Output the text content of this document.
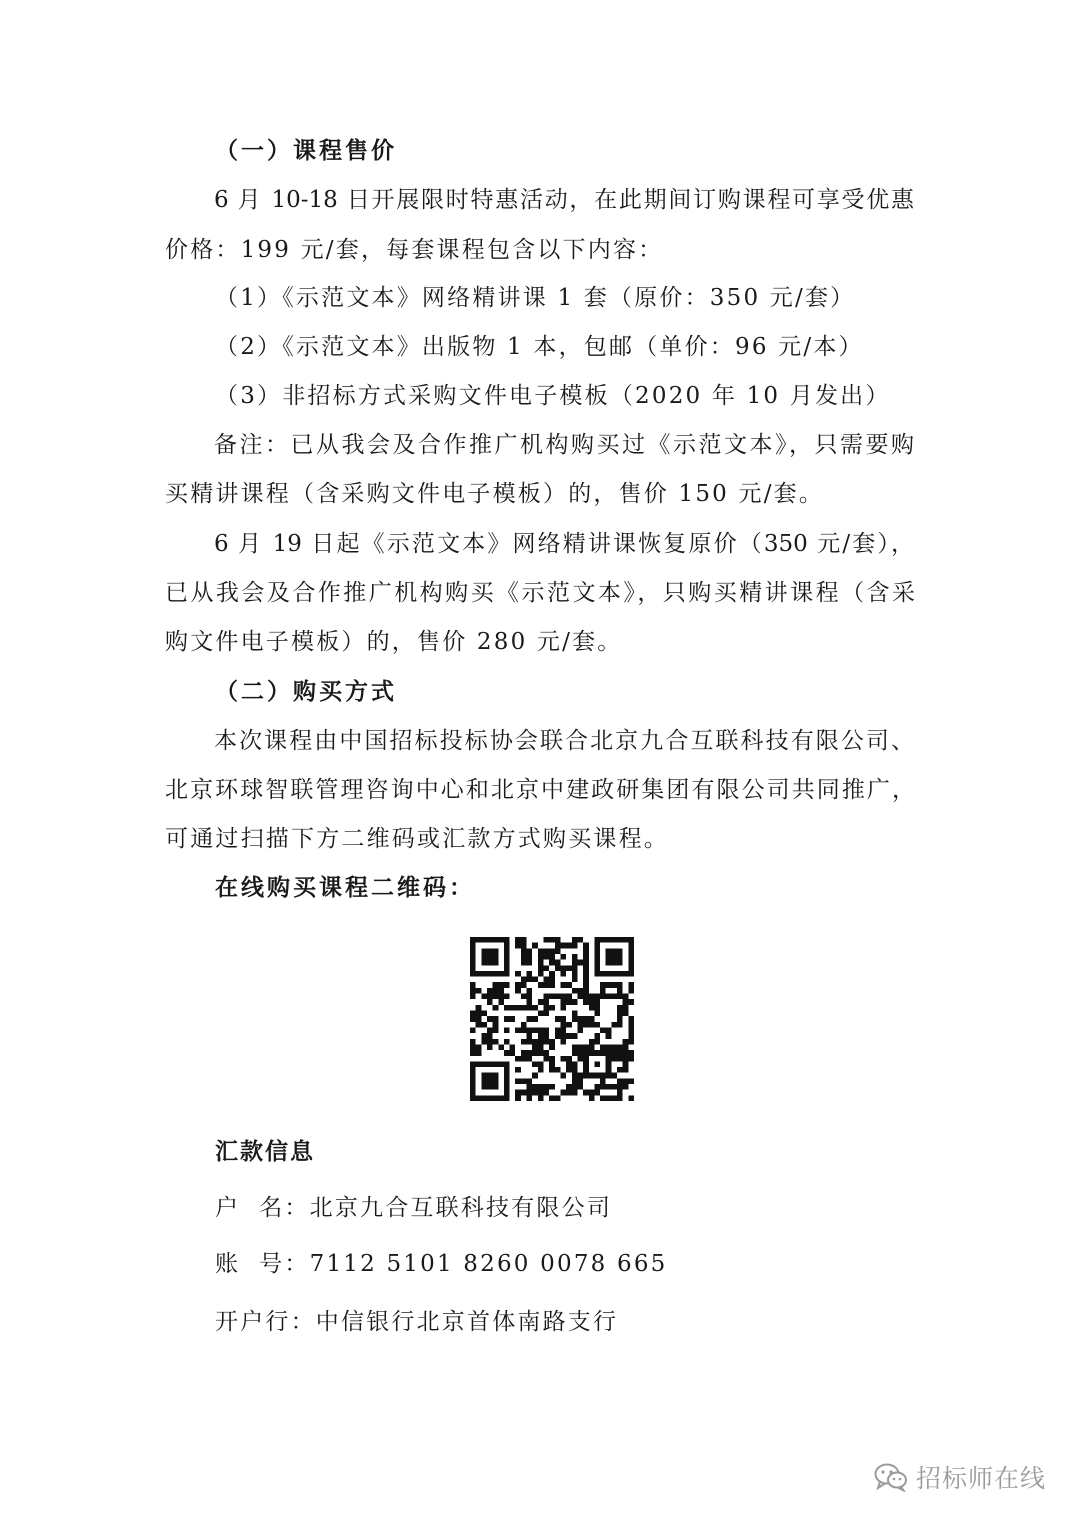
（一）课程售价
6 月 10-18 日开展限时特惠活动，在此期间订购课程可享受优惠
价格：199 元/套，每套课程包含以下内容：
（1）《示范文本》网络精讲课 1 套（原价：350 元/套）
（2）《示范文本》出版物 1 本，包邮（单价：96 元/本）
（3）非招标方式采购文件电子模板（2020 年 10 月发出）
备注：已从我会及合作推广机构购买过《示范文本》，只需要购
买精讲课程（含采购文件电子模板）的，售价 150 元/套。
6 月 19 日起《示范文本》网络精讲课恢复原价（350 元/套），
已从我会及合作推广机构购买《示范文本》，只购买精讲课程（含采
购文件电子模板）的，售价 280 元/套。
（二）购买方式
本次课程由中国招标投标协会联合北京九合互联科技有限公司、
北京环球智联管理咨询中心和北京中建政研集团有限公司共同推广，
可通过扫描下方二维码或汇款方式购买课程。
在线购买课程二维码：
汇款信息
户  名：北京九合互联科技有限公司
账  号：7112 5101 8260 0078 665
开户行：中信银行北京首体南路支行
招标师在线
